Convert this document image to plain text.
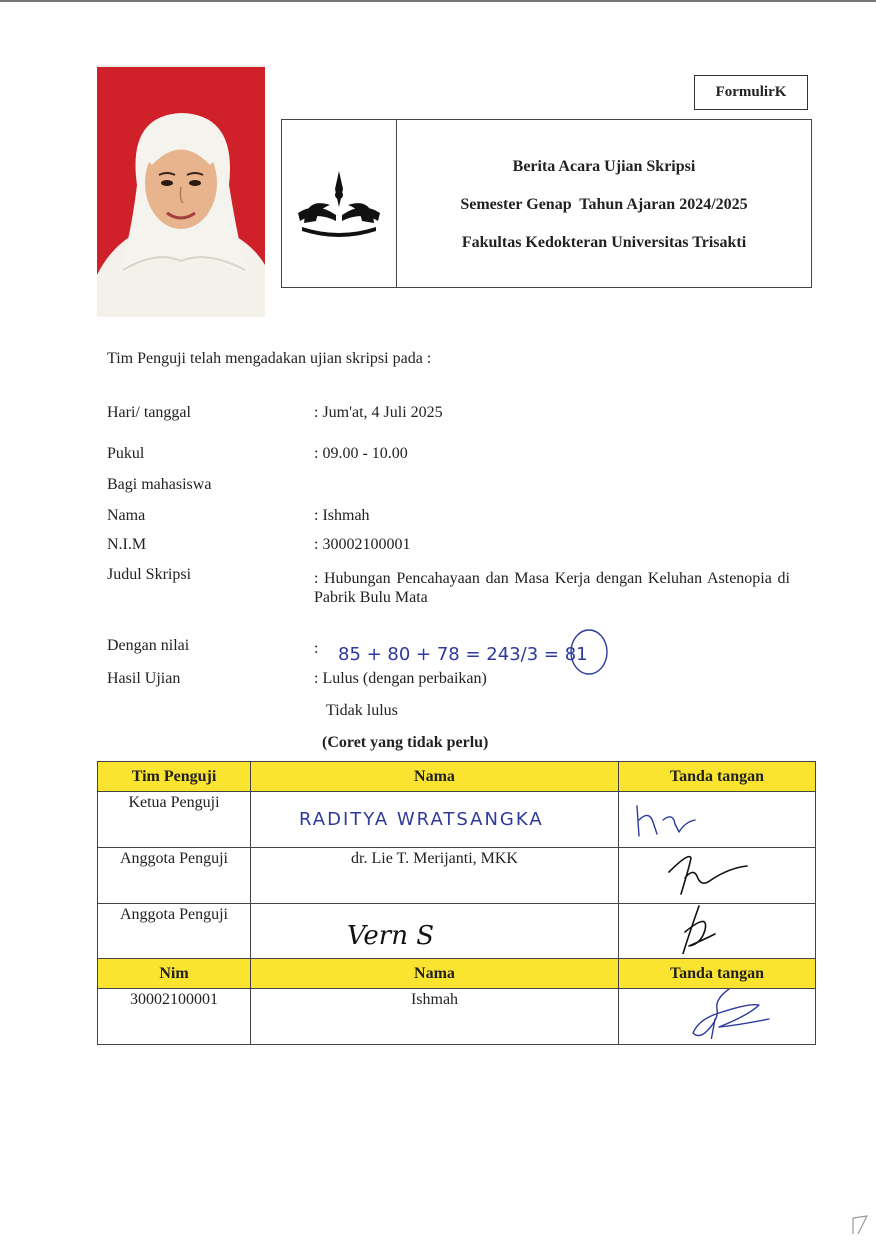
FormulirK
Berita Acara Ujian Skripsi
Semester Genap  Tahun Ajaran 2024/2025
Fakultas Kedokteran Universitas Trisakti
Tim Penguji telah mengadakan ujian skripsi pada :
Hari/ tanggal	: Jum'at, 4 Juli 2025
Pukul	: 09.00 - 10.00
Bagi mahasiswa
Nama	: Ishmah
N.I.M	: 30002100001
Judul Skripsi	: Hubungan Pencahayaan dan Masa Kerja dengan Keluhan Astenopia di Pabrik Bulu Mata
Dengan nilai	: 85 + 80 + 78 = 243/3 = 81
Hasil Ujian	: Lulus (dengan perbaikan)
Tidak lulus
(Coret yang tidak perlu)
Tim Penguji	Nama	Tanda tangan

Ketua Penguji	RADITYA WRATSANGKA

Anggota Penguji	dr. Lie T. Merijanti, MKK

Anggota Penguji	Vern S

Nim	Nama	Tanda tangan

30002100001	Ishmah
